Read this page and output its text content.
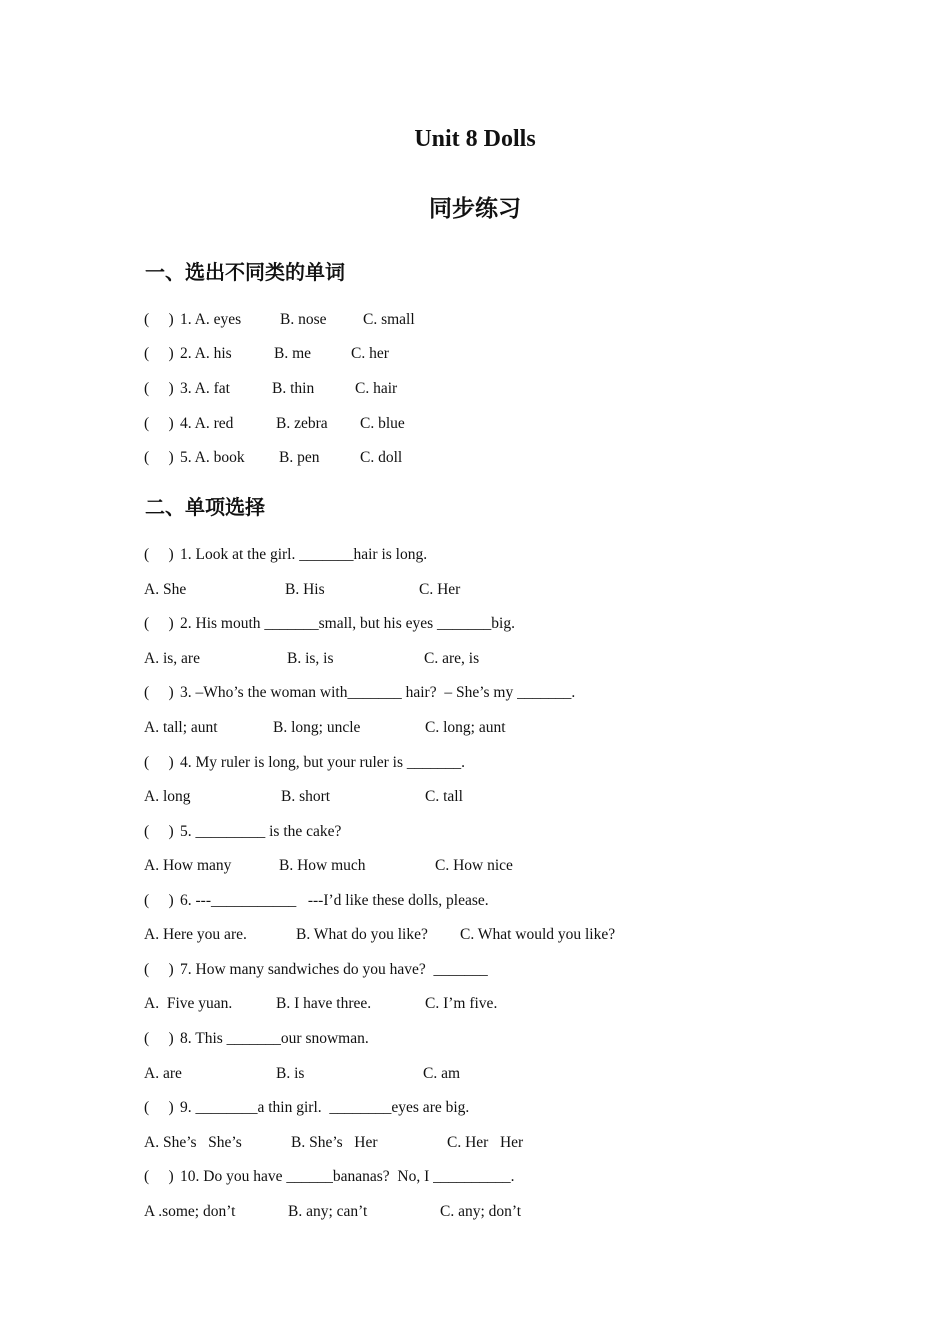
Unit 8 Dolls
同步练习
一、选出不同类的单词

(     )

1. A. eyes

	B. nose

C. small

(     )

2. A. his

	B. me

	C. her

(     )

3. A. fat

	B. thin

	C. hair

(     )

4. A. red

	B. zebra

C. blue

(     )

5. A. book

B. pen

	C. doll

二、单项选择

(     )

1. Look at the girl. _______hair is long.

A. She

	B. His

	C. Her

(     )

2. His mouth _______small, but his eyes _______big.

A. is, are

	B. is, is

	C. are, is

(     )

3. –Who’s the woman with_______ hair?  – She’s my _______.

A. tall; aunt

	B. long; uncle

	C. long; aunt

(     )

4. My ruler is long, but your ruler is _______.

A. long

	B. short

	C. tall

(     )

5. _________ is the cake?

A. How many

	B. How much

	C. How nice

(     )

6. ---___________   ---I’d like these dolls, please.

A. Here you are.

	B. What do you like?

C. What would you like?

(     )

7. How many sandwiches do you have?  _______

A.  Five yuan.

	B. I have three.

	C. I’m five.

(     )

8. This _______our snowman.

A. are

	B. is

	C. am

(     )

9. ________a thin girl.  ________eyes are big.

A. She’s   She’s

	B. She’s   Her

	C. Her   Her

(     )

10. Do you have ______bananas?  No, I __________.

A .some; don’t

	B. any; can’t

	C. any; don’t
